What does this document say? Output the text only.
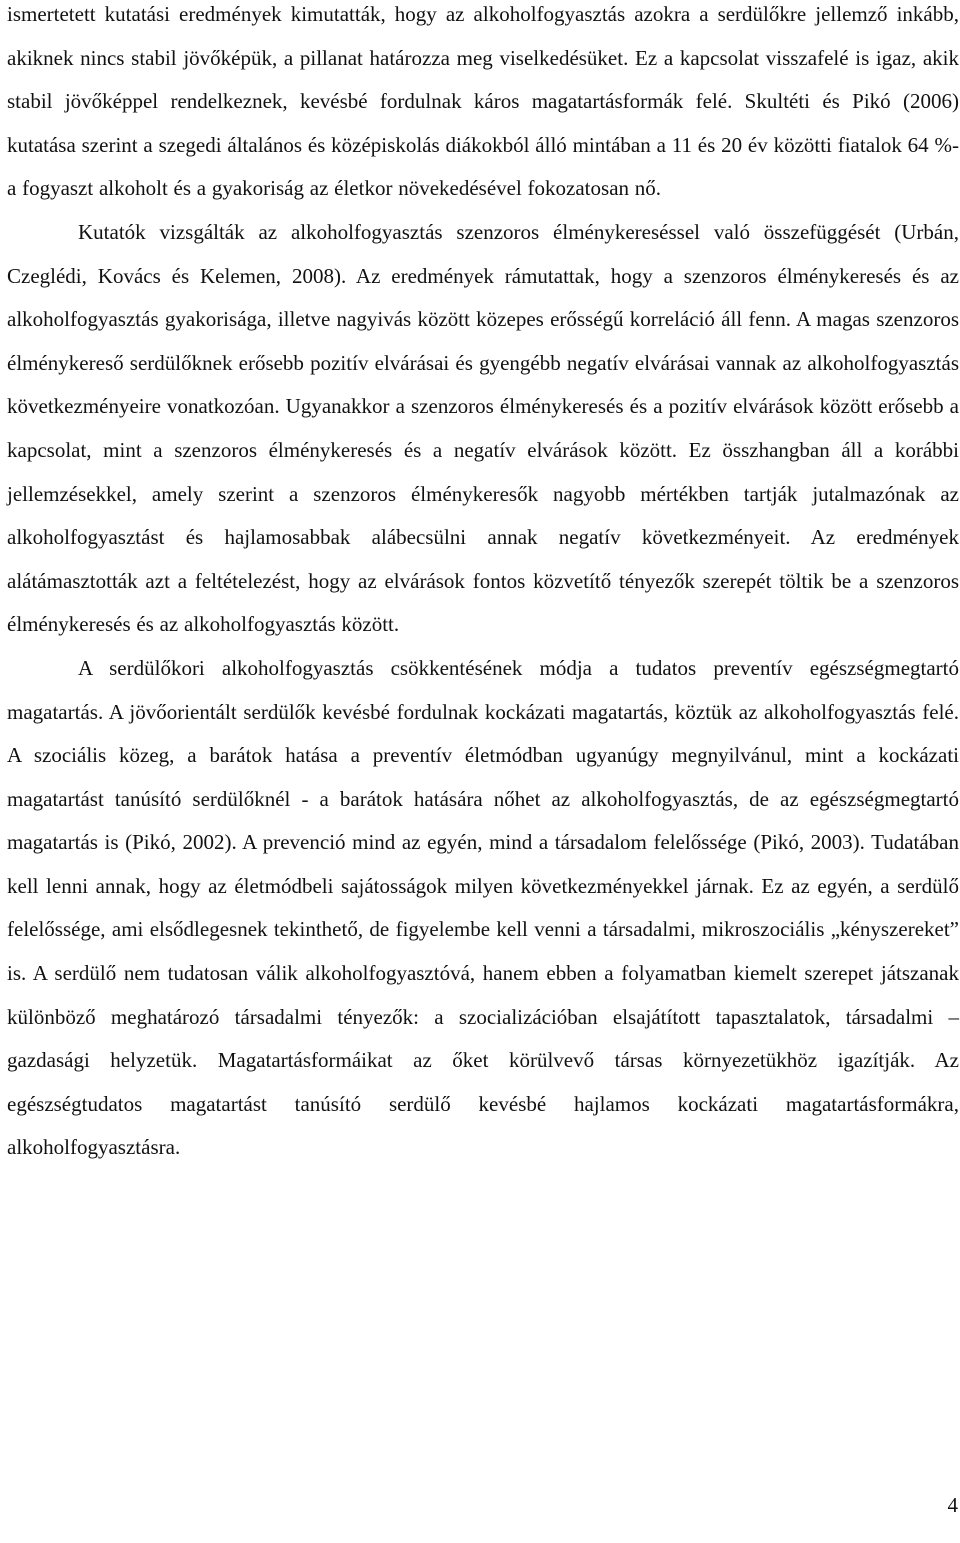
ismertetett kutatási eredmények kimutatták, hogy az alkoholfogyasztás azokra a serdülőkre jellemző inkább, akiknek nincs stabil jövőképük, a pillanat határozza meg viselkedésüket. Ez a kapcsolat visszafelé is igaz, akik stabil jövőképpel rendelkeznek, kevésbé fordulnak káros magatartásformák felé. Skultéti és Pikó (2006) kutatása szerint a szegedi általános és középiskolás diákokból álló mintában a 11 és 20 év közötti fiatalok 64 %-a fogyaszt alkoholt és a gyakoriság az életkor növekedésével fokozatosan nő.

Kutatók vizsgálták az alkoholfogyasztás szenzoros élménykereséssel való összefüggését (Urbán, Czeglédi, Kovács és Kelemen, 2008). Az eredmények rámutattak, hogy a szenzoros élménykeresés és az alkoholfogyasztás gyakorisága, illetve nagyivás között közepes erősségű korreláció áll fenn. A magas szenzoros élménykereső serdülőknek erősebb pozitív elvárásai és gyengébb negatív elvárásai vannak az alkoholfogyasztás következményeire vonatkozóan. Ugyanakkor a szenzoros élménykeresés és a pozitív elvárások között erősebb a kapcsolat, mint a szenzoros élménykeresés és a negatív elvárások között. Ez összhangban áll a korábbi jellemzésekkel, amely szerint a szenzoros élménykeresők nagyobb mértékben tartják jutalmazónak az alkoholfogyasztást és hajlamosabbak alábecsülni annak negatív következményeit. Az eredmények alátámasztották azt a feltételezést, hogy az elvárások fontos közvetítő tényezők szerepét töltik be a szenzoros élménykeresés és az alkoholfogyasztás között.

A serdülőkori alkoholfogyasztás csökkentésének módja a tudatos preventív egészségmegtartó magatartás. A jövőorientált serdülők kevésbé fordulnak kockázati magatartás, köztük az alkoholfogyasztás felé. A szociális közeg, a barátok hatása a preventív életmódban ugyanúgy megnyilvánul, mint a kockázati magatartást tanúsító serdülőknél - a barátok hatására nőhet az alkoholfogyasztás, de az egészségmegtartó magatartás is (Pikó, 2002). A prevenció mind az egyén, mind a társadalom felelőssége (Pikó, 2003). Tudatában kell lenni annak, hogy az életmódbeli sajátosságok milyen következményekkel járnak. Ez az egyén, a serdülő felelőssége, ami elsődlegesnek tekinthető, de figyelembe kell venni a társadalmi, mikroszociális „kényszereket” is. A serdülő nem tudatosan válik alkoholfogyasztóvá, hanem ebben a folyamatban kiemelt szerepet játszanak különböző meghatározó társadalmi tényezők: a szocializációban elsajátított tapasztalatok, társadalmi – gazdasági helyzetük. Magatartásformáikat az őket körülvevő társas környezetükhöz igazítják. Az egészségtudatos magatartást tanúsító serdülő kevésbé hajlamos kockázati magatartásformákra, alkoholfogyasztásra.

4
